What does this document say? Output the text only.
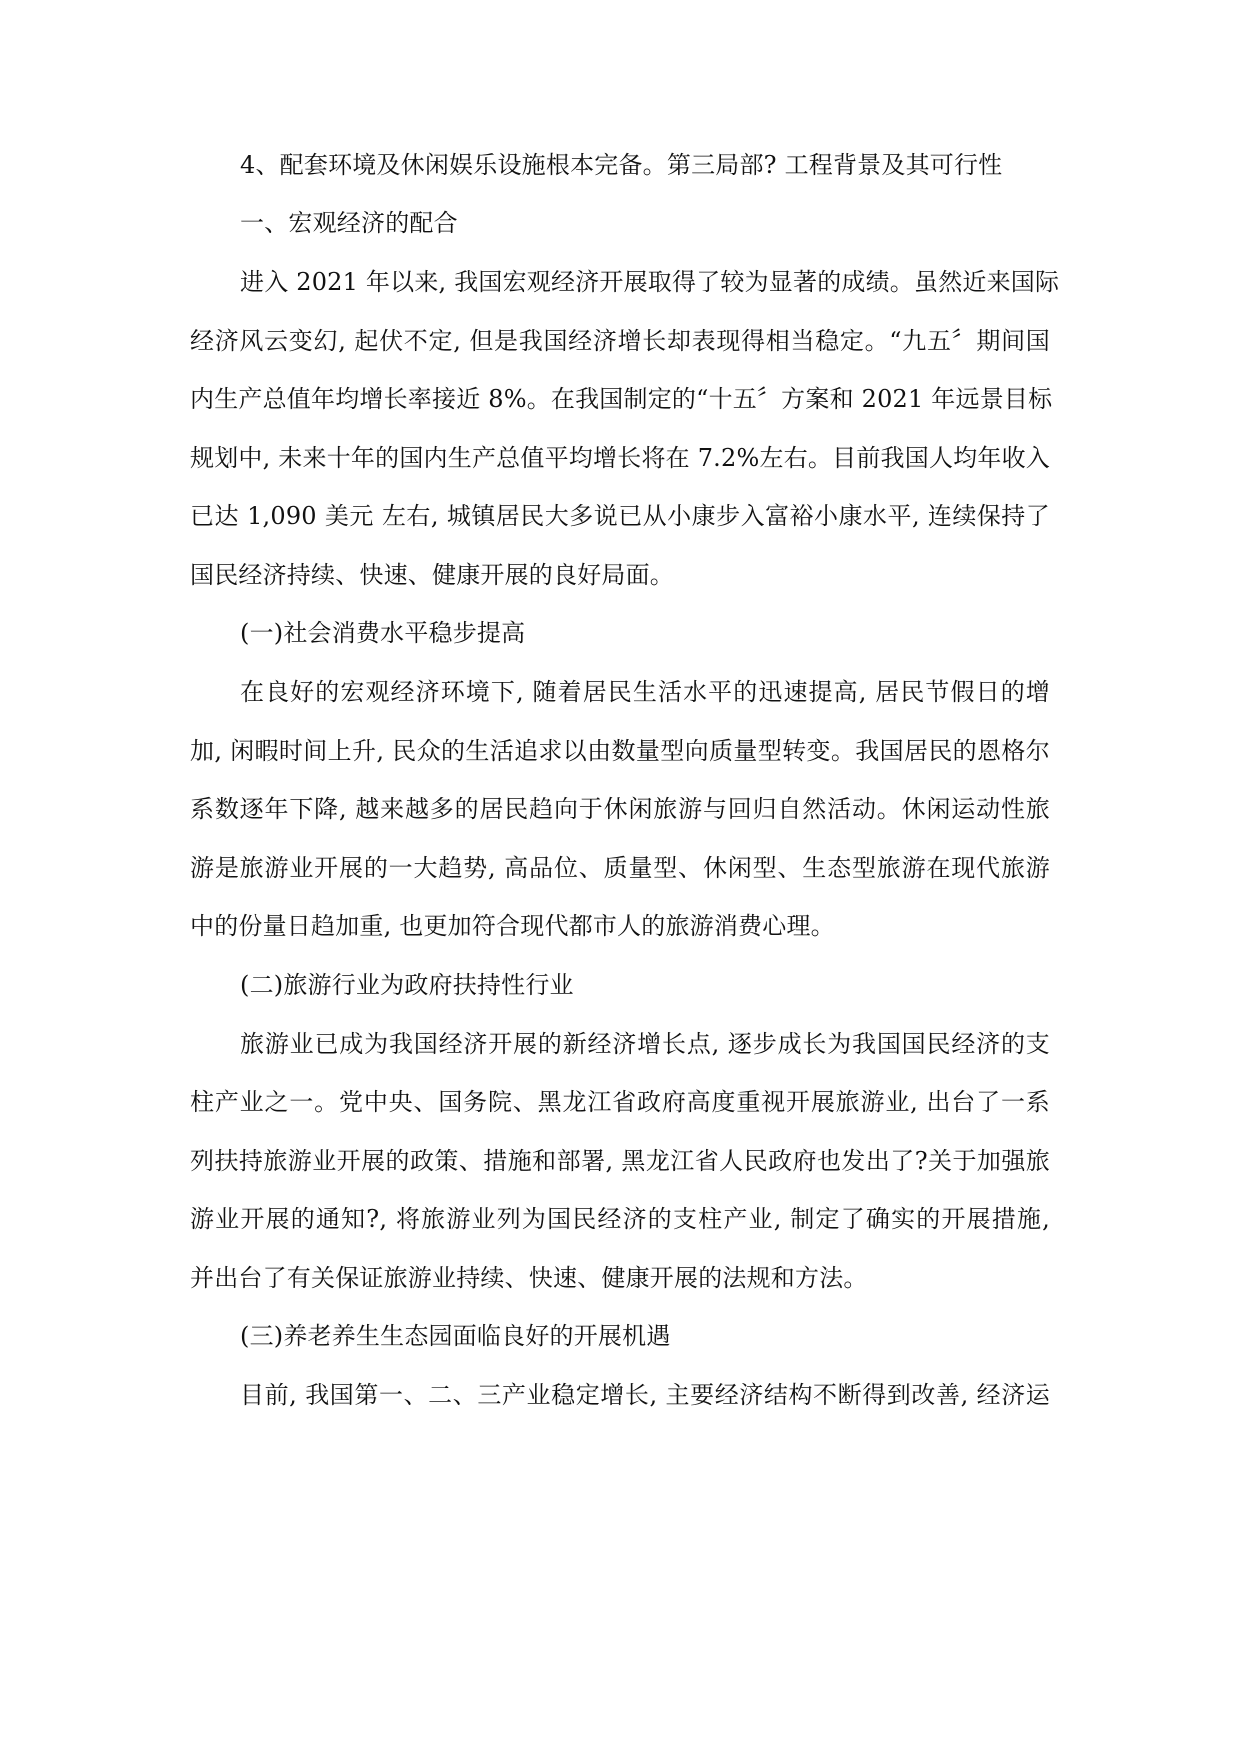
4、配套环境及休闲娱乐设施根本完备。第三局部? 工程背景及其可行性
一、宏观经济的配合
进入 2021 年以来, 我国宏观经济开展取得了较为显著的成绩。虽然近来国际
经济风云变幻, 起伏不定, 但是我国经济增长却表现得相当稳定。“九五〞期间国
内生产总值年均增长率接近 8%。在我国制定的“十五〞方案和 2021 年远景目标
规划中, 未来十年的国内生产总值平均增长将在 7.2%左右。目前我国人均年收入
已达 1,090 美元 左右, 城镇居民大多说已从小康步入富裕小康水平, 连续保持了
国民经济持续、快速、健康开展的良好局面。
(一)社会消费水平稳步提高
在良好的宏观经济环境下, 随着居民生活水平的迅速提高, 居民节假日的增
加, 闲暇时间上升, 民众的生活追求以由数量型向质量型转变。我国居民的恩格尔
系数逐年下降, 越来越多的居民趋向于休闲旅游与回归自然活动。休闲运动性旅
游是旅游业开展的一大趋势, 高品位、质量型、休闲型、生态型旅游在现代旅游
中的份量日趋加重, 也更加符合现代都市人的旅游消费心理。
(二)旅游行业为政府扶持性行业
旅游业已成为我国经济开展的新经济增长点, 逐步成长为我国国民经济的支
柱产业之一。党中央、国务院、黑龙江省政府高度重视开展旅游业, 出台了一系
列扶持旅游业开展的政策、措施和部署, 黑龙江省人民政府也发出了?关于加强旅
游业开展的通知?, 将旅游业列为国民经济的支柱产业, 制定了确实的开展措施,
并出台了有关保证旅游业持续、快速、健康开展的法规和方法。
(三)养老养生生态园面临良好的开展机遇
目前, 我国第一、二、三产业稳定增长, 主要经济结构不断得到改善, 经济运
